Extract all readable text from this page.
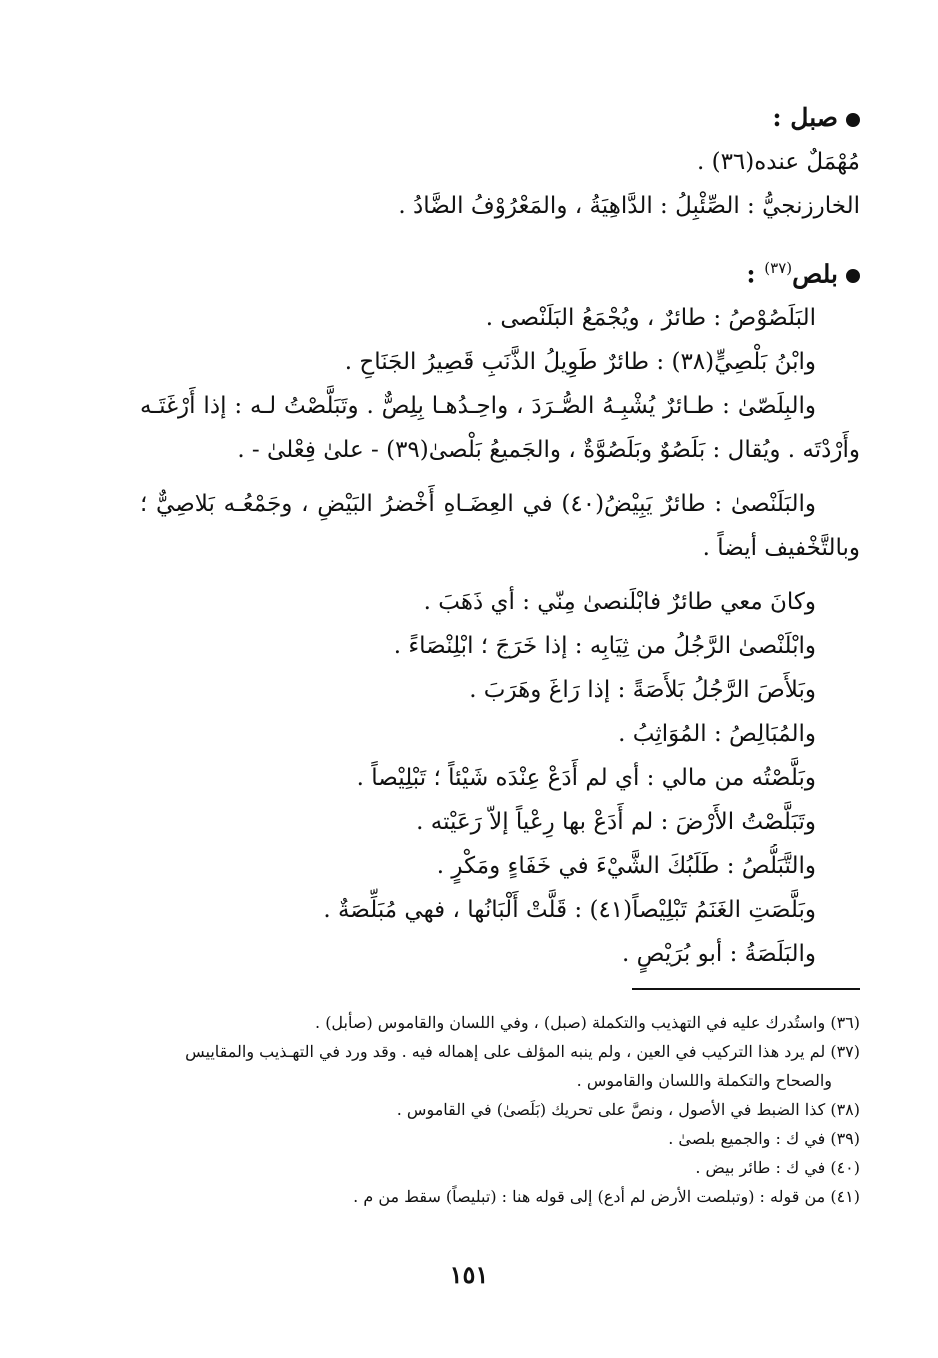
صبل :
مُهْمَلٌ عنده(٣٦) .
الخارزنجيُّ : الصِّئْبِلُ : الدَّاهِيَةُ ، والمَعْرُوْفُ الضَّادُ .
بلص$^{(٣٧)}$ :
البَلَصُوْصُ : طائرٌ ، ويُجْمَعُ البَلَنْصى .
وابْنُ بَلْصِيٍّ(٣٨) : طائرٌ طَوِيلُ الذَّنَبِ قَصِيرُ الجَنَاحِ .
والبِلَصّىٰ : طـائرٌ يُشْبِـهُ الصُّـرَدَ ، واحِـدُهـا بِلِصٌّ . وتَبَلَّصْتُ لـه : إذا أَرْغَتَـه
وأَرْدْتَه . ويُقال : بَلَصُوٌ وبَلَصُوَّةٌ ، والجَميعُ بَلْصىٰ(٣٩) - علىٰ فِعْلىٰ - .
والبَلَنْصىٰ : طائرٌ يَبِيْضُ(٤٠) في العِضَـاهِ أَخْضرُ البَيْضِ ، وجَمْعُـه بَلاصِيٌّ ؛
وبالتَّخْفيف أيضاً .
وكانَ معي طائرٌ فابْلَنصىٰ مِنّي : أي ذَهَبَ .
وابْلَنْصىٰ الرَّجُلُ من ثِيَابِه : إذا خَرَجَ ؛ ابْلِنْصَاءً .
وبَلأَصَ الرَّجُلُ بَلأَصَةً : إذا رَاغَ وهَرَبَ .
والمُبَالِصُ : المُوَاثِبُ .
وبَلَّصْتُه من مالي : أي لم أَدَعْ عِنْدَه شَيْئاً ؛ تَبْلِيْصاً .
وتَبَلَّصْتُ الأَرْضَ : لم أَدَعْ بها رِعْياً إلاّ رَعَيْته .
والتَّبَلُّصُ : طَلَبُكَ الشَّيْءَ في خَفَاءٍ ومَكْرٍ .
وبَلَّصَتِ الغَنَمُ تَبْلِيْصاً(٤١) : قَلَّتْ أَلْبَانُها ، فهي مُبَلِّصَةٌ .
والبَلَصَةُ : أبو بُرَيْصٍ .
(٣٦) واستُدرك عليه في التهذيب والتكملة (صبل) ، وفي اللسان والقاموس (صأبل) .
(٣٧) لم يرد هذا التركيب في العين ، ولم ينبه المؤلف على إهماله فيه . وقد ورد في التهـذيب والمقاييس
والصحاح والتكملة واللسان والقاموس .
(٣٨) كذا الضبط في الأصول ، ونصَّ على تحريك (بَلَصىٰ) في القاموس .
(٣٩) في ك : والجميع بلصىٰ .
(٤٠) في ك : طائر بيض .
(٤١) من قوله : (وتبلصت الأرض لم أدع) إلى قوله هنا : (تبليصاً) سقط من م .
١٥١
